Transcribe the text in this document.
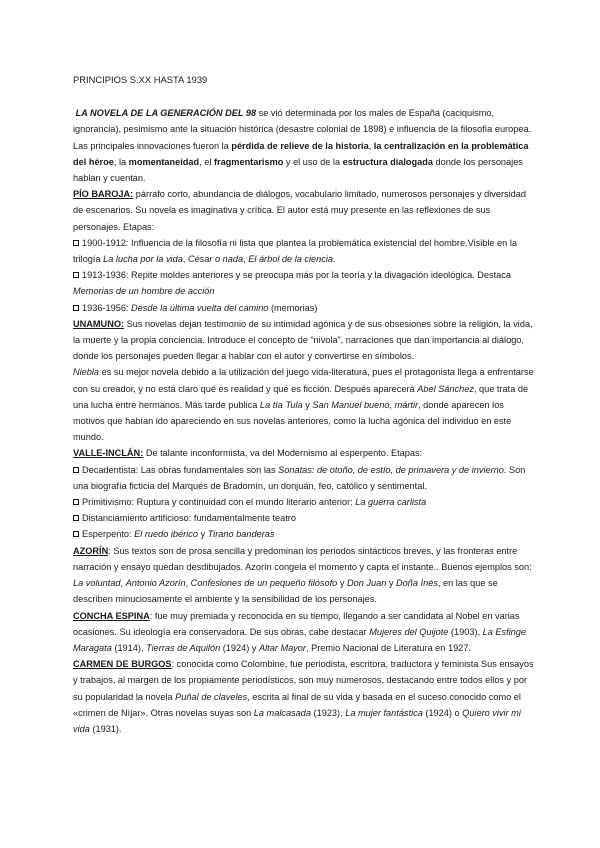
PRINCIPIOS S.XX HASTA 1939

LA NOVELA DE LA GENERACIÓN DEL 98 se vió determinada por los males de España (caciquismo, ignorancia), pesimismo ante la situación histórica (desastre colonial de 1898) e influencia de la filosofía europea. Las principales innovaciones fueron la pérdida de relieve de la historia, la centralización en la problemática del héroe, la momentaneidad, el fragmentarismo y el uso de la estructura dialogada donde los personajes hablan y cuentan.

PÍO BAROJA: párrafo corto, abundancia de diálogos, vocabulario limitado, numerosos personajes y diversidad de escenarios. Su novela es imaginativa y crítica. El autor está muy presente en las reflexiones de sus personajes. Etapas:

1900-1912: Influencia de la filosofía ni lista que plantea la problemática existencial del hombre.Visible en la trilogía La lucha por la vida, César o nada, El árbol de la ciencia.

1913-1936: Repite moldes anteriores y se preocupa más por la teoría y la divagación ideológica. Destaca Memorias de un hombre de acción

1936-1956: Desde la última vuelta del camino (memorias)

UNAMUNO: Sus novelas dejan testimonio de su intimidad agónica y de sus obsesiones sobre la religión, la vida, la muerte y la propia conciencia. Introduce el concepto de “nivola”, narraciones que dan importancia al diálogo, donde los personajes pueden llegar a hablar con el autor y convertirse en símbolos.

Niebla es su mejor novela debido a la utilización del juego vida-literatura, pues el protagonista llega a enfrentarse con su creador, y no está claro qué es realidad y qué es ficción. Después aparecerá Abel Sánchez, que trata de una lucha entre hermanos. Más tarde publica La tía Tula y San Manuel bueno, mártir, donde aparecen los motivos que habían ido apareciendo en sus novelas anteriores, como la lucha agónica del individuo en este mundo.

VALLE-INCLÁN: De talante inconformista, va del Modernismo al esperpento. Etapas:

Decadentista: Las obras fundamentales son las Sonatas: de otoño, de estío, de primavera y de invierno. Son una biografía ficticia del Marqués de Bradomín, un donjuán, feo, católico y sentimental.

Primitivismo: Ruptura y continuidad con el mundo literario anterior: La guerra carlista

Distanciamiento artificioso: fundamentalmente teatro

Esperpento: El ruedo ibérico y Tirano banderas

AZORÍN: Sus textos son de prosa sencilla y predominan los periodos sintácticos breves, y las fronteras entre narración y ensayo quedan desdibujados. Azorín congela el momento y capta el instante.. Buenos ejemplos son: La voluntad, Antonio Azorín, Confesiones de un pequeño filósofo y Don Juan y Doña Inés, en las que se describen minuciosamente el ambiente y la sensibilidad de los personajes.

CONCHA ESPINA: fue muy premiada y reconocida en su tiempo, llegando a ser candidata al Nobel en varias ocasiones. Su ideología era conservadora. De sus obras, cabe destacar Mujeres del Quijote (1903), La Esfinge Maragata (1914), Tierras de Aquilón (1924) y Altar Mayor, Premio Nacional de Literatura en 1927.

CARMEN DE BURGOS: conocida como Colombine, fue periodista, escritora, traductora y feminista Sus ensayos y trabajos, al margen de los propiamente periodísticos, son muy numerosos, destacando entre todos ellos y por su popularidad la novela Puñal de claveles, escrita al final de su vida y basada en el suceso conocido como el «crimen de Níjar». Otras novelas suyas son La malcasada (1923), La mujer fantástica (1924) o Quiero vivir mi vida (1931).
